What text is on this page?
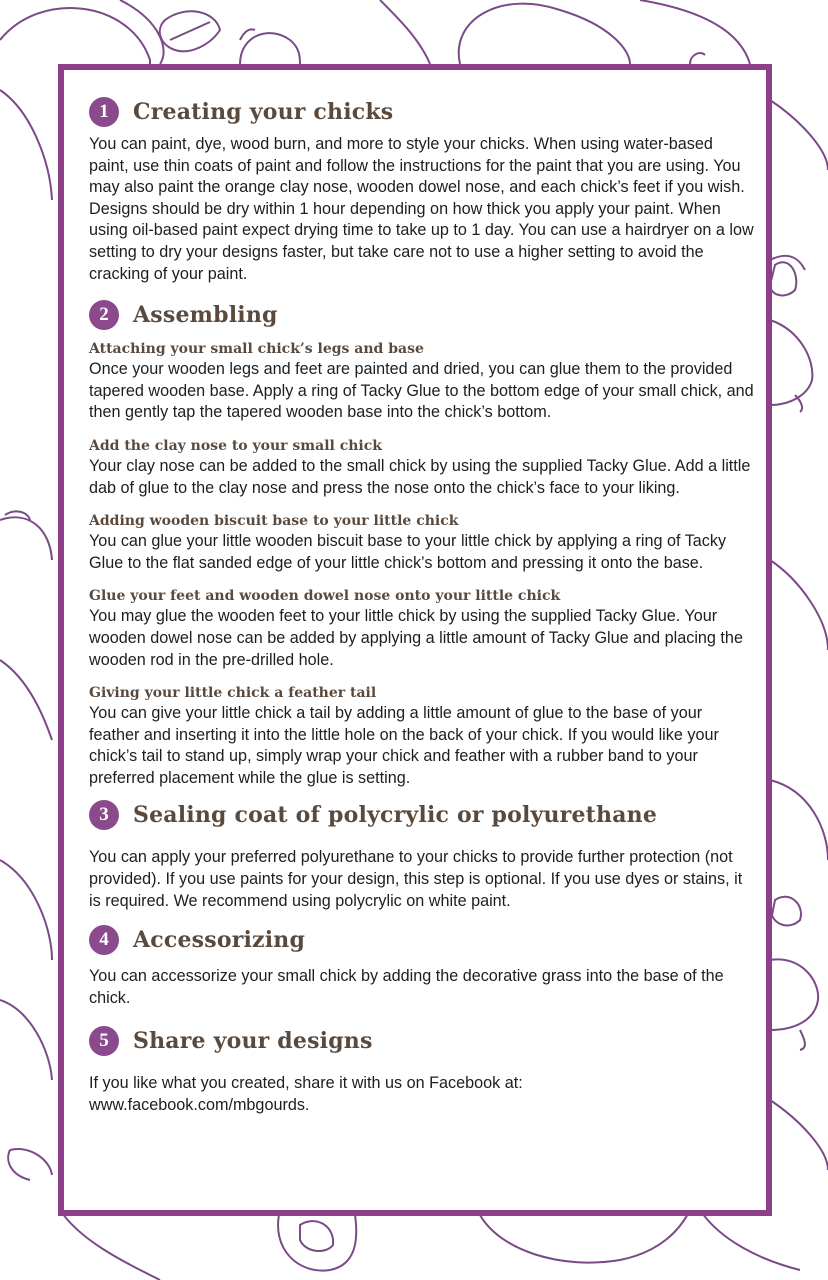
1	Creating your chicks
You can paint, dye, wood burn, and more to style your chicks. When using water-based paint, use thin coats of paint and follow the instructions for the paint that you are using. You may also paint the orange clay nose, wooden dowel nose, and each chick’s feet if you wish. Designs should be dry within 1 hour depending on how thick you apply your paint. When using oil-based paint expect drying time to take up to 1 day. You can use a hairdryer on a low setting to dry your designs faster, but take care not to use a higher setting to avoid the cracking of your paint.
2	Assembling
Attaching your small chick’s legs and base
Once your wooden legs and feet are painted and dried, you can glue them to the provided tapered wooden base. Apply a ring of Tacky Glue to the bottom edge of your small chick, and then gently tap the tapered wooden base into the chick’s bottom.
Add the clay nose to your small chick
Your clay nose can be added to the small chick by using the supplied Tacky Glue. Add a little dab of glue to the clay nose and press the nose onto the chick’s face to your liking.
Adding wooden biscuit base to your little chick
You can glue your little wooden biscuit base to your little chick by applying a ring of Tacky Glue to the flat sanded edge of your little chick’s bottom and pressing it onto the base.
Glue your feet and wooden dowel nose onto your little chick
You may glue the wooden feet to your little chick by using the supplied Tacky Glue. Your wooden dowel nose can be added by applying a little amount of Tacky Glue and placing the wooden rod in the pre-drilled hole.
Giving your little chick a feather tail
You can give your little chick a tail by adding a little amount of glue to the base of your feather and inserting it into the little hole on the back of your chick. If you would like your chick’s tail to stand up, simply wrap your chick and feather with a rubber band to your preferred placement while the glue is setting.
3	Sealing coat of polycrylic or polyurethane
You can apply your preferred polyurethane to your chicks to provide further protection (not provided). If you use paints for your design, this step is optional. If you use dyes or stains, it is required. We recommend using polycrylic on white paint.
4	Accessorizing
You can accessorize your small chick by adding the decorative grass into the base of the chick.
5	Share your designs
If you like what you created, share it with us on Facebook at:
www.facebook.com/mbgourds.
